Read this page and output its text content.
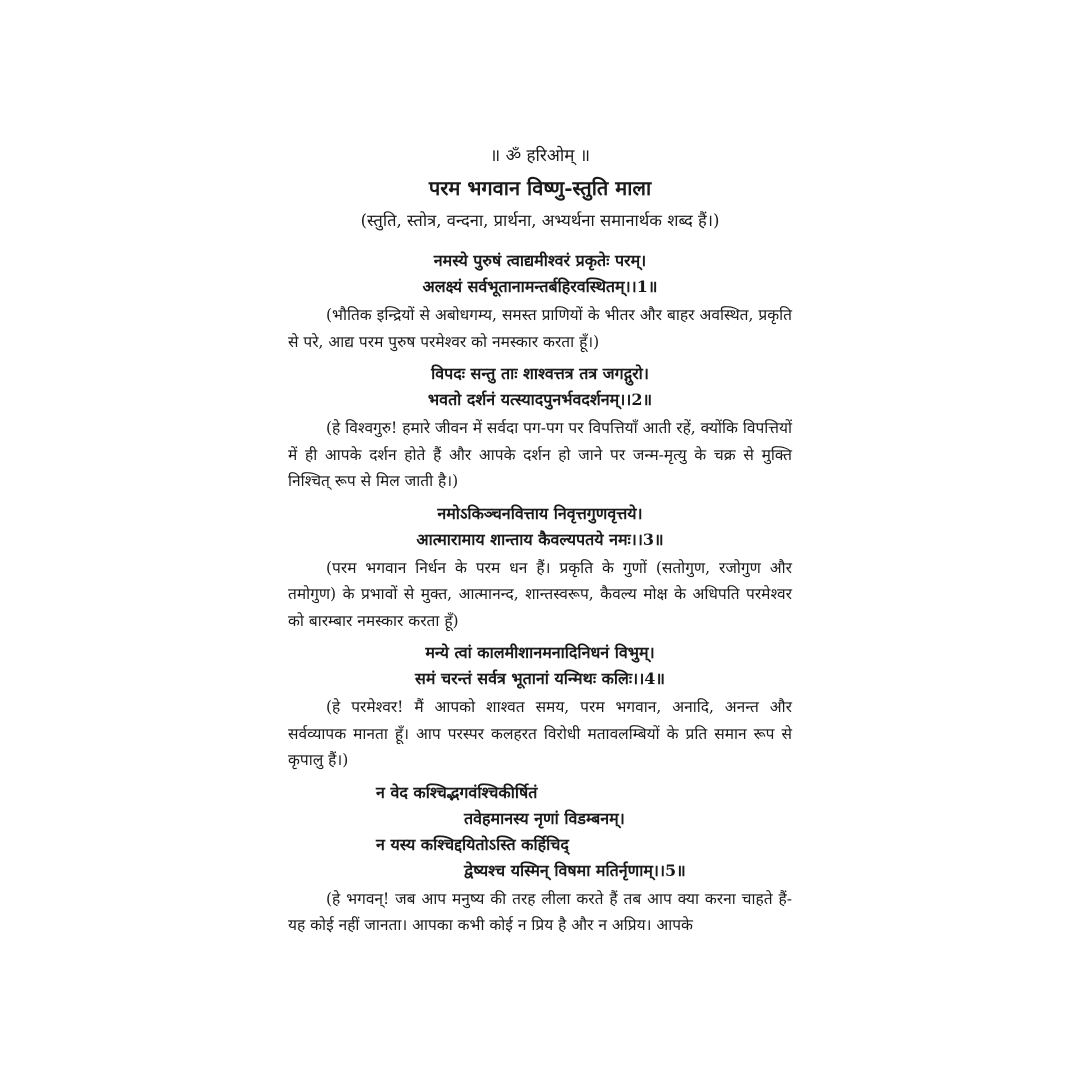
॥ ॐ हरिओम् ॥

परम भगवान विष्णु-स्तुति माला

(स्तुति, स्तोत्र, वन्दना, प्रार्थना, अभ्यर्थना समानार्थक शब्द हैं।)

नमस्ये पुरुषं त्वाद्यमीश्वरं प्रकृतेः परम्।
अलक्ष्यं सर्वभूतानामन्तर्बहिरवस्थितम्।।1॥

(भौतिक इन्द्रियों से अबोधगम्य, समस्त प्राणियों के भीतर और बाहर अवस्थित, प्रकृति से परे, आद्य परम पुरुष परमेश्वर को नमस्कार करता हूँ।)

विपदः सन्तु ताः शाश्वत्तत्र तत्र जगद्गुरो।
भवतो दर्शनं यत्स्यादपुनर्भवदर्शनम्।।2॥

(हे विश्वगुरु! हमारे जीवन में सर्वदा पग-पग पर विपत्तियाँ आती रहें, क्योंकि विपत्तियों में ही आपके दर्शन होते हैं और आपके दर्शन हो जाने पर जन्म-मृत्यु के चक्र से मुक्ति निश्चित् रूप से मिल जाती है।)

नमोऽकिञ्चनवित्ताय निवृत्तगुणवृत्तये।
आत्मारामाय शान्ताय कैवल्यपतये नमः।।3॥

(परम भगवान निर्धन के परम धन हैं। प्रकृति के गुणों (सतोगुण, रजोगुण और तमोगुण) के प्रभावों से मुक्त, आत्मानन्द, शान्तस्वरूप, कैवल्य मोक्ष के अधिपति परमेश्वर को बारम्बार नमस्कार करता हूँ)

मन्ये त्वां कालमीशानमनादिनिधनं विभुम्।
समं चरन्तं सर्वत्र भूतानां यन्मिथः कलिः।।4॥

(हे परमेश्वर! मैं आपको शाश्वत समय, परम भगवान, अनादि, अनन्त और सर्वव्यापक मानता हूँ। आप परस्पर कलहरत विरोधी मतावलम्बियों के प्रति समान रूप से कृपालु हैं।)

न वेद कश्चिद्भगवंश्चिकीर्षितं
तवेहमानस्य नृणां विडम्बनम्।
न यस्य कश्चिद्दयितोऽस्ति कर्हिचिद्
द्वेष्यश्च यस्मिन् विषमा मतिर्नृणाम्।।5॥

(हे भगवन्! जब आप मनुष्य की तरह लीला करते हैं तब आप क्या करना चाहते हैं- यह कोई नहीं जानता। आपका कभी कोई न प्रिय है और न अप्रिय। आपके
